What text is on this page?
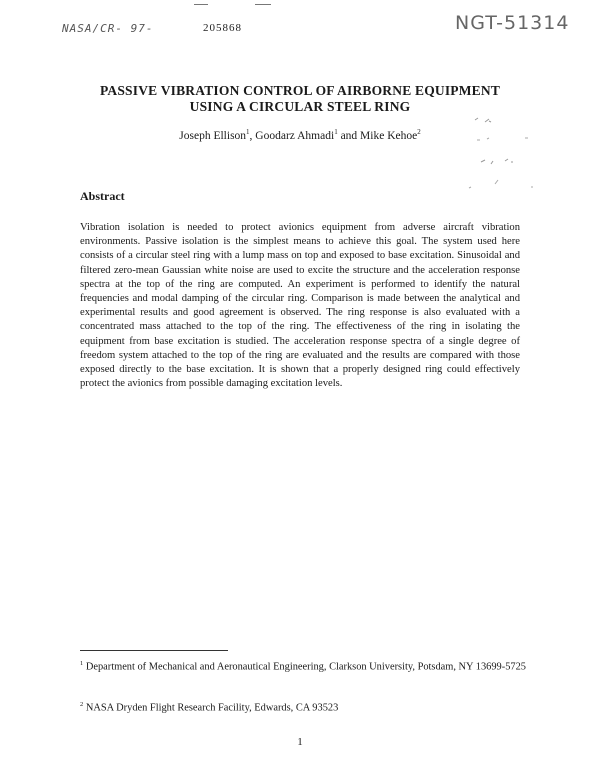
NASA/CR- 97-	205868	NGT-51314
PASSIVE VIBRATION CONTROL OF AIRBORNE EQUIPMENT
USING A CIRCULAR STEEL RING
Joseph Ellison$^1$, Goodarz Ahmadi$^1$ and Mike Kehoe$^2$
Abstract
Vibration isolation is needed to protect avionics equipment from adverse aircraft vibration environments. Passive isolation is the simplest means to achieve this goal. The system used here consists of a circular steel ring with a lump mass on top and exposed to base excitation. Sinusoidal and filtered zero-mean Gaussian white noise are used to excite the structure and the acceleration response spectra at the top of the ring are computed. An experiment is performed to identify the natural frequencies and modal damping of the circular ring. Comparison is made between the analytical and experimental results and good agreement is observed. The ring response is also evaluated with a concentrated mass attached to the top of the ring. The effectiveness of the ring in isolating the equipment from base excitation is studied. The acceleration response spectra of a single degree of freedom system attached to the top of the ring are evaluated and the results are compared with those exposed directly to the base excitation. It is shown that a properly designed ring could effectively protect the avionics from possible damaging excitation levels.
$^1$ Department of Mechanical and Aeronautical Engineering, Clarkson University, Potsdam, NY 13699-5725
$^2$ NASA Dryden Flight Research Facility, Edwards, CA 93523
1
